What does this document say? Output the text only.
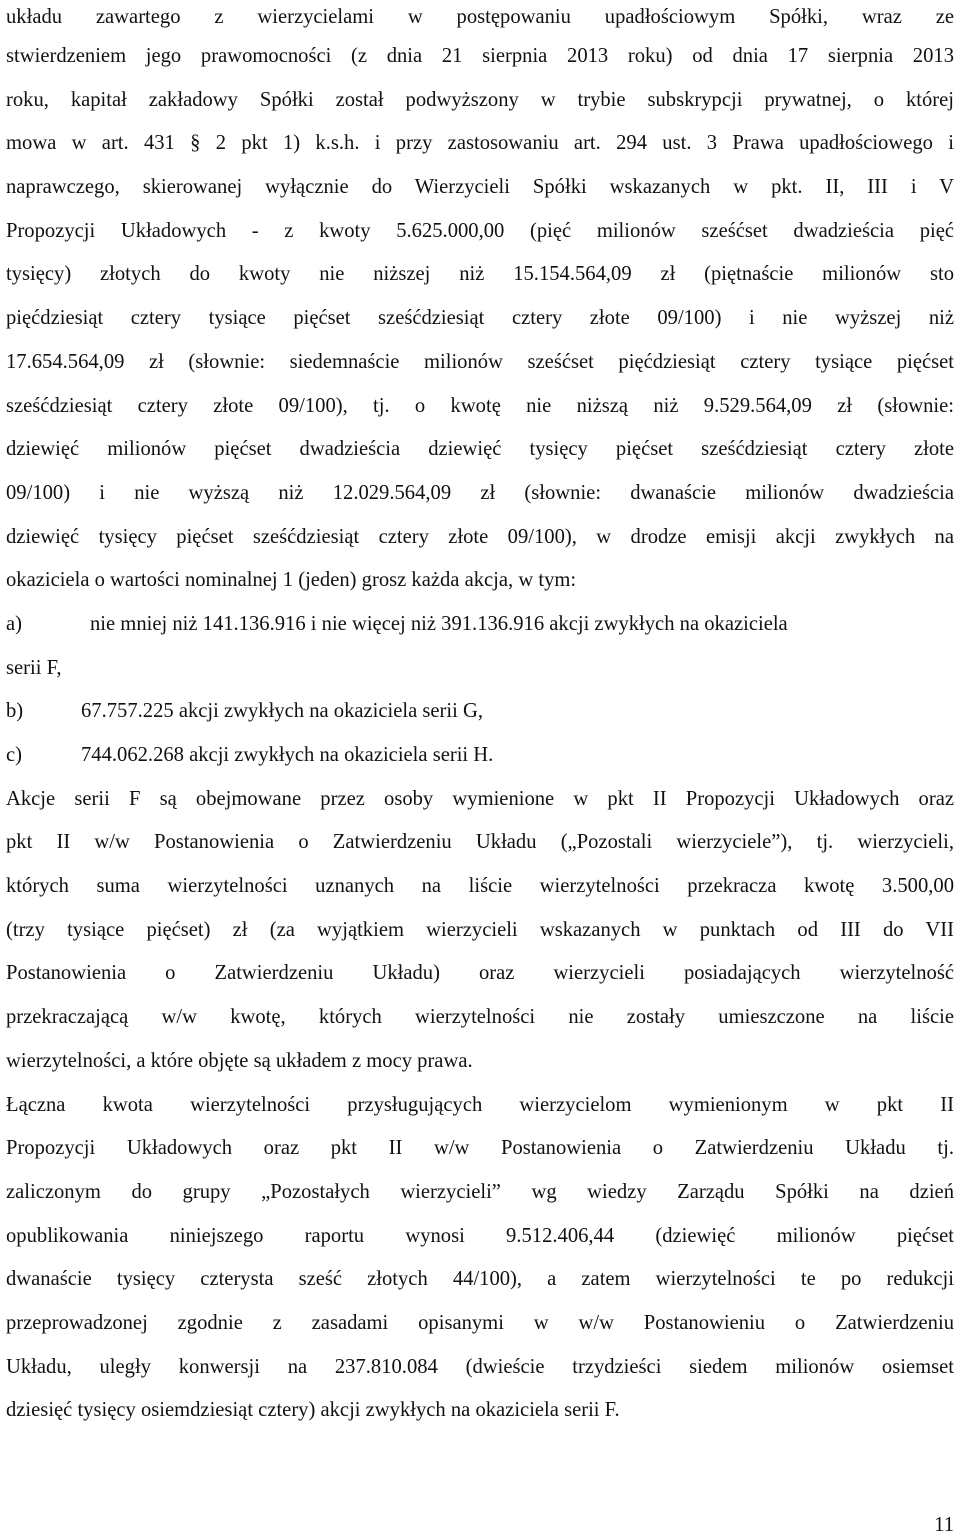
układu zawartego z wierzycielami w postępowaniu upadłościowym Spółki, wraz ze
stwierdzeniem jego prawomocności (z dnia 21 sierpnia 2013 roku) od dnia 17 sierpnia 2013
roku, kapitał zakładowy Spółki został podwyższony w trybie subskrypcji prywatnej, o której
mowa w art. 431 § 2 pkt 1) k.s.h. i przy zastosowaniu art. 294 ust. 3 Prawa upadłościowego i
naprawczego, skierowanej wyłącznie do Wierzycieli Spółki wskazanych w pkt. II, III i V
Propozycji Układowych - z kwoty 5.625.000,00 (pięć milionów sześćset dwadzieścia pięć
tysięcy) złotych do kwoty nie niższej niż 15.154.564,09 zł (piętnaście milionów sto
pięćdziesiąt cztery tysiące pięćset sześćdziesiąt cztery złote 09/100) i nie wyższej niż
17.654.564,09 zł (słownie: siedemnaście milionów sześćset pięćdziesiąt cztery tysiące pięćset
sześćdziesiąt cztery złote 09/100), tj. o kwotę nie niższą niż 9.529.564,09 zł (słownie:
dziewięć milionów pięćset dwadzieścia dziewięć tysięcy pięćset sześćdziesiąt cztery złote
09/100) i nie wyższą niż 12.029.564,09 zł (słownie: dwanaście milionów dwadzieścia
dziewięć tysięcy pięćset sześćdziesiąt cztery złote 09/100), w drodze emisji akcji zwykłych na
okaziciela o wartości nominalnej 1 (jeden) grosz każda akcja, w tym:
a)	nie mniej niż 141.136.916 i nie więcej niż 391.136.916 akcji zwykłych na okaziciela
serii F,
b)	67.757.225 akcji zwykłych na okaziciela serii G,
c)	744.062.268 akcji zwykłych na okaziciela serii H.
Akcje serii F są obejmowane przez osoby wymienione w pkt II Propozycji Układowych oraz
pkt II w/w Postanowienia o Zatwierdzeniu Układu („Pozostali wierzyciele”), tj. wierzycieli,
których suma wierzytelności uznanych na liście wierzytelności przekracza kwotę 3.500,00
(trzy tysiące pięćset) zł (za wyjątkiem wierzycieli wskazanych w punktach od III do VII
Postanowienia o Zatwierdzeniu Układu) oraz wierzycieli posiadających wierzytelność
przekraczającą w/w kwotę, których wierzytelności nie zostały umieszczone na liście
wierzytelności, a które objęte są układem z mocy prawa.
Łączna kwota wierzytelności przysługujących wierzycielom wymienionym w pkt II
Propozycji Układowych oraz pkt II w/w Postanowienia o Zatwierdzeniu Układu tj.
zaliczonym do grupy „Pozostałych wierzycieli” wg wiedzy Zarządu Spółki na dzień
opublikowania niniejszego raportu wynosi 9.512.406,44 (dziewięć milionów pięćset
dwanaście tysięcy czterysta sześć złotych 44/100), a zatem wierzytelności te po redukcji
przeprowadzonej zgodnie z zasadami opisanymi w w/w Postanowieniu o Zatwierdzeniu
Układu, uległy konwersji na 237.810.084 (dwieście trzydzieści siedem milionów osiemset
dziesięć tysięcy osiemdziesiąt cztery) akcji zwykłych na okaziciela serii F.
11
